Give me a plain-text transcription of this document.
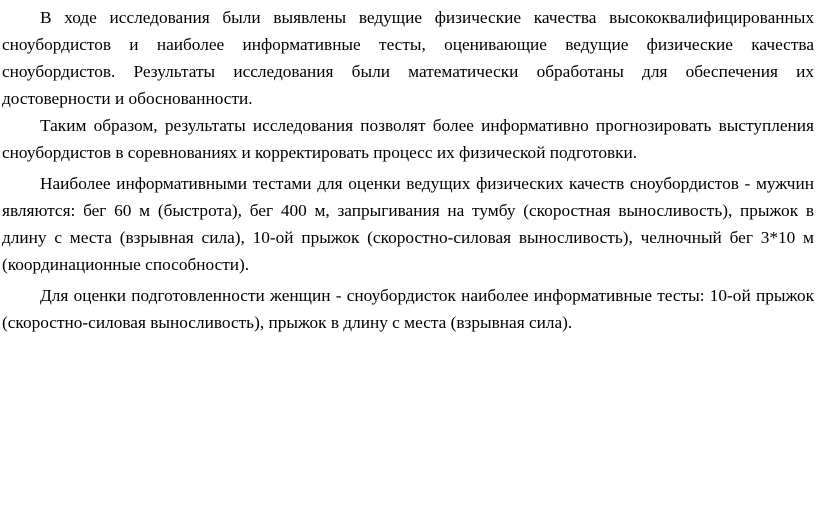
В ходе исследования были выявлены ведущие физические качества высококвалифицированных сноубордистов и наиболее информативные тесты, оценивающие ведущие физические качества сноубордистов. Результаты исследования были математически обработаны для обеспечения их достоверности и обоснованности.

Таким образом, результаты исследования позволят более информативно прогнозировать выступления сноубордистов в соревнованиях и корректировать процесс их физической подготовки.

Наиболее информативными тестами для оценки ведущих физических качеств сноубордистов - мужчин являются: бег 60 м (быстрота), бег 400 м, запрыгивания на тумбу (скоростная выносливость), прыжок в длину с места (взрывная сила), 10-ой прыжок (скоростно-силовая выносливость), челночный бег 3*10 м (координационные способности).

Для оценки подготовленности женщин - сноубордисток наиболее информативные тесты: 10-ой прыжок (скоростно-силовая выносливость), прыжок в длину с места (взрывная сила).
